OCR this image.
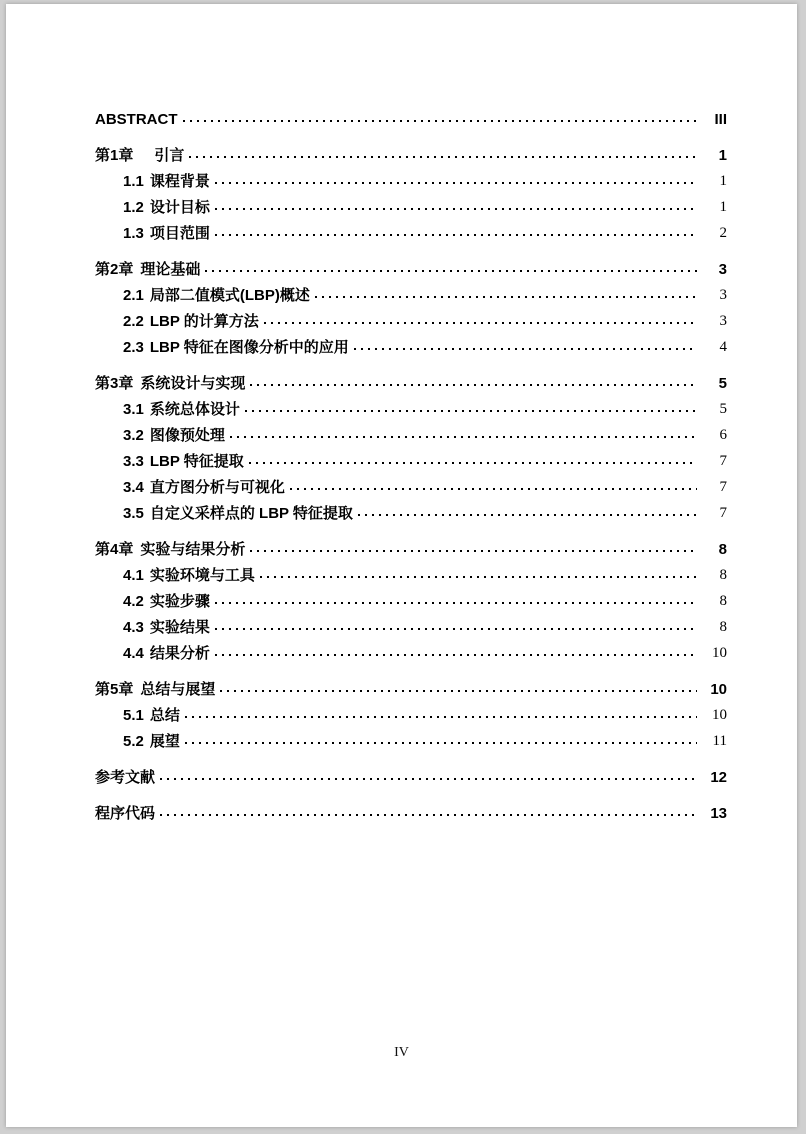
ABSTRACT	III
第1章 引言	1
1.1 课程背景	1
1.2 设计目标	1
1.3 项目范围	2
第2章 理论基础	3
2.1 局部二值模式(LBP)概述	3
2.2 LBP 的计算方法	3
2.3 LBP 特征在图像分析中的应用	4
第3章 系统设计与实现	5
3.1 系统总体设计	5
3.2 图像预处理	6
3.3 LBP 特征提取	7
3.4 直方图分析与可视化	7
3.5 自定义采样点的 LBP 特征提取	7
第4章 实验与结果分析	8
4.1 实验环境与工具	8
4.2 实验步骤	8
4.3 实验结果	8
4.4 结果分析	10
第5章 总结与展望	10
5.1 总结	10
5.2 展望	11
参考文献	12
程序代码	13
IV
